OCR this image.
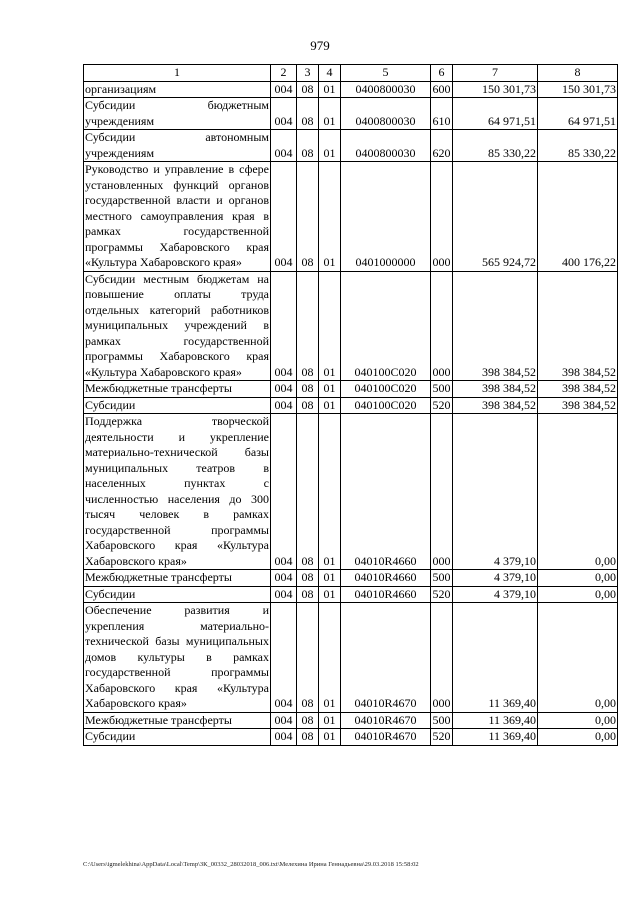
979
1	2	3	4	5	6	7	8
организациям	004	08	01	0400800030	600	150 301,73	150 301,73
Субсидии бюджетным учреждениям	004	08	01	0400800030	610	64 971,51	64 971,51
Субсидии автономным учреждениям	004	08	01	0400800030	620	85 330,22	85 330,22
Руководство и управление в сфере установленных функций органов государственной власти и органов местного самоуправления края в рамках государственной программы Хабаровского края «Культура Хабаровского края»	004	08	01	0401000000	000	565 924,72	400 176,22
Субсидии местным бюджетам на повышение оплаты труда отдельных категорий работников муниципальных учреждений в рамках государственной программы Хабаровского края «Культура Хабаровского края»	004	08	01	040100С020	000	398 384,52	398 384,52
Межбюджетные трансферты	004	08	01	040100С020	500	398 384,52	398 384,52
Субсидии	004	08	01	040100С020	520	398 384,52	398 384,52
Поддержка творческой деятельности и укрепление материально-технической базы муниципальных театров в населенных пунктах с численностью населения до 300 тысяч человек в рамках государственной программы Хабаровского края «Культура Хабаровского края»	004	08	01	04010R4660	000	4 379,10	0,00
Межбюджетные трансферты	004	08	01	04010R4660	500	4 379,10	0,00
Субсидии	004	08	01	04010R4660	520	4 379,10	0,00
Обеспечение развития и укрепления материально-технической базы муниципальных домов культуры в рамках государственной программы Хабаровского края «Культура Хабаровского края»	004	08	01	04010R4670	000	11 369,40	0,00
Межбюджетные трансферты	004	08	01	04010R4670	500	11 369,40	0,00
Субсидии	004	08	01	04010R4670	520	11 369,40	0,00
C:\Users\igmelekhina\AppData\Local\Temp\ЗК_00332_28032018_006.txt\Мелехина Ирина Геннадьевна\29.03.2018 15:58:02
